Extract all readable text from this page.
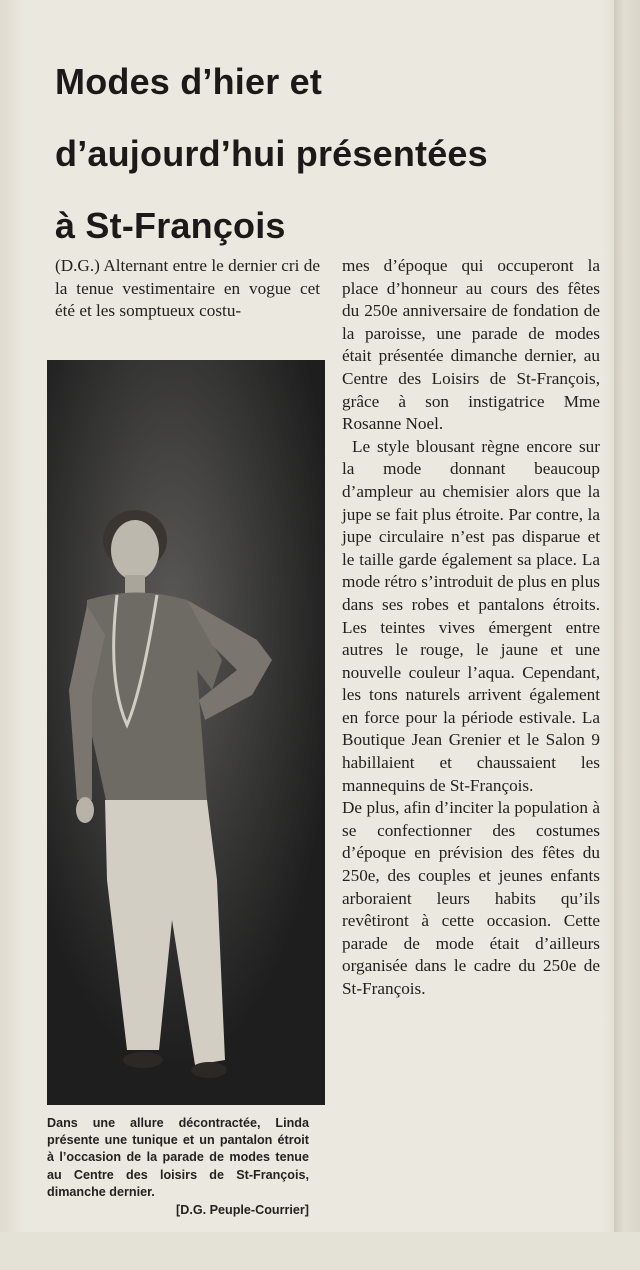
Modes d’hier et
d’aujourd’hui présentées
à St-François

(D.G.) Alternant entre le dernier cri de la tenue vestimentaire en vogue cet été et les somptueux costu-

Dans une allure décontractée, Linda présente une tunique et un pantalon étroit à l’occasion de la parade de modes tenue au Centre des loisirs de St-François, dimanche dernier.
[D.G. Peuple-Courrier]

mes d’époque qui occuperont la place d’honneur au cours des fêtes du 250e anniversaire de fondation de la paroisse, une parade de modes était présentée dimanche dernier, au Centre des Loisirs de St-François, grâce à son instigatrice Mme Rosanne Noel.

Le style blousant règne encore sur la mode donnant beaucoup d’ampleur au chemisier alors que la jupe se fait plus étroite. Par contre, la jupe circulaire n’est pas disparue et le taille garde également sa place. La mode rétro s’introduit de plus en plus dans ses robes et pantalons étroits. Les teintes vives émergent entre autres le rouge, le jaune et une nouvelle couleur l’aqua. Cependant, les tons naturels arrivent également en force pour la période estivale. La Boutique Jean Grenier et le Salon 9 habillaient et chaussaient les mannequins de St-François.

De plus, afin d’inciter la population à se confectionner des costumes d’époque en prévision des fêtes du 250e, des couples et jeunes enfants arboraient leurs habits qu’ils revêtiront à cette occasion. Cette parade de mode était d’ailleurs organisée dans le cadre du 250e de St-François.
